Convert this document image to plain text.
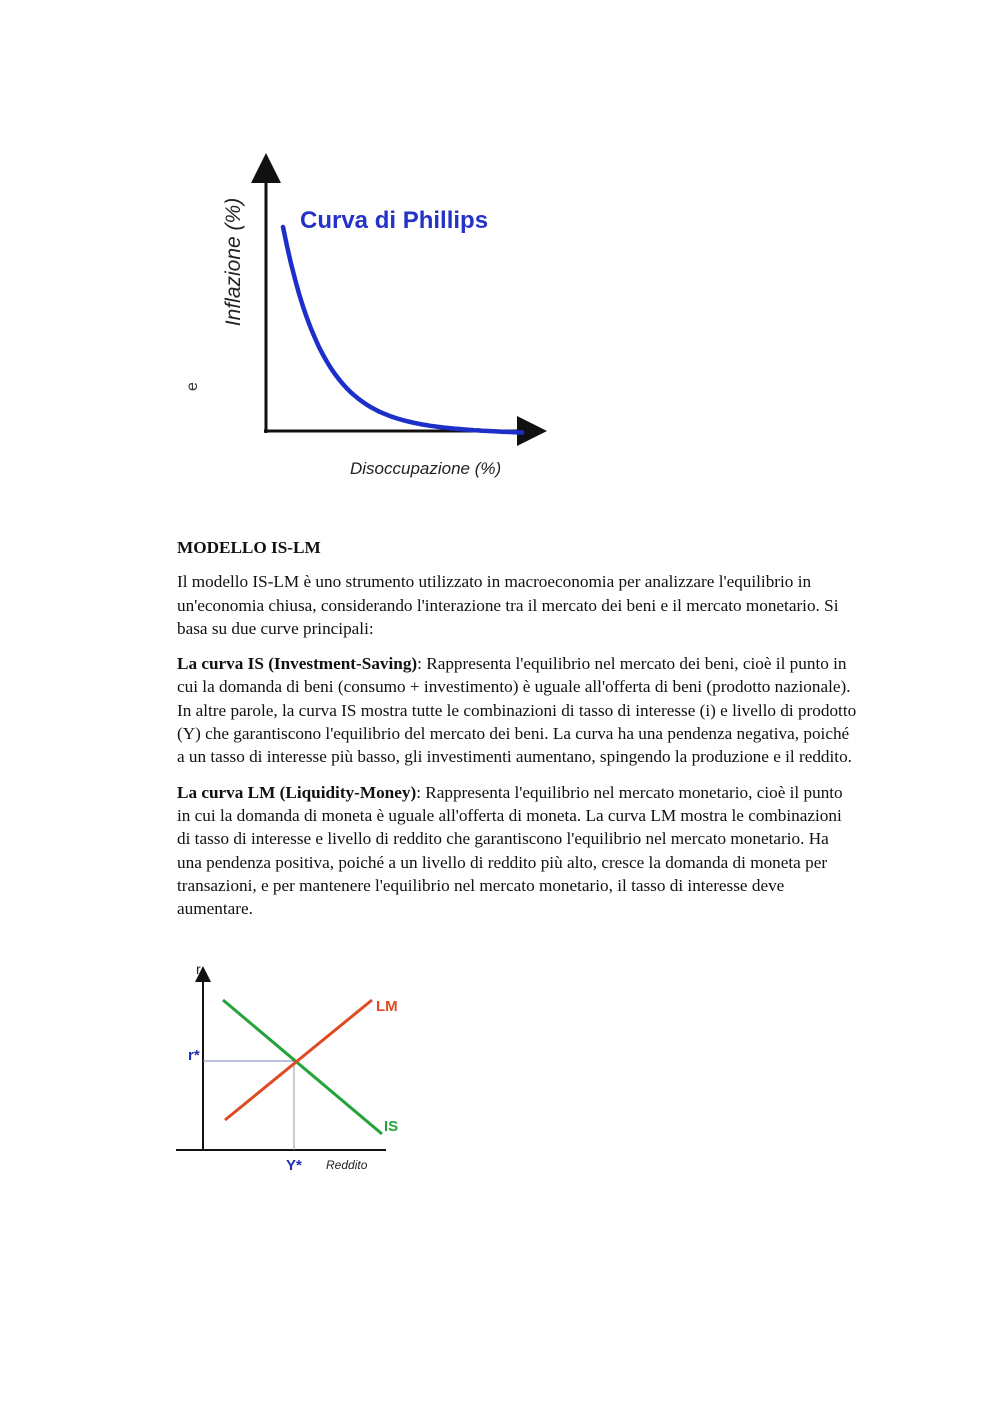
Curva di Phillips
Inflazione (%)
Disoccupazione (%)
e
MODELLO IS-LM

Il modello IS-LM è uno strumento utilizzato in macroeconomia per analizzare l'equilibrio in un'economia chiusa, considerando l'interazione tra il mercato dei beni e il mercato monetario. Si basa su due curve principali:

La curva IS (Investment-Saving): Rappresenta l'equilibrio nel mercato dei beni, cioè il punto in cui la domanda di beni (consumo + investimento) è uguale all'offerta di beni (prodotto nazionale). In altre parole, la curva IS mostra tutte le combinazioni di tasso di interesse (i) e livello di prodotto (Y) che garantiscono l'equilibrio del mercato dei beni. La curva ha una pendenza negativa, poiché a un tasso di interesse più basso, gli investimenti aumentano, spingendo la produzione e il reddito.

La curva LM (Liquidity-Money): Rappresenta l'equilibrio nel mercato monetario, cioè il punto in cui la domanda di moneta è uguale all'offerta di moneta. La curva LM mostra le combinazioni di tasso di interesse e livello di reddito che garantiscono l'equilibrio nel mercato monetario. Ha una pendenza positiva, poiché a un livello di reddito più alto, cresce la domanda di moneta per transazioni, e per mantenere l'equilibrio nel mercato monetario, il tasso di interesse deve aumentare.

r
r*
Y* Reddito
LM
IS
